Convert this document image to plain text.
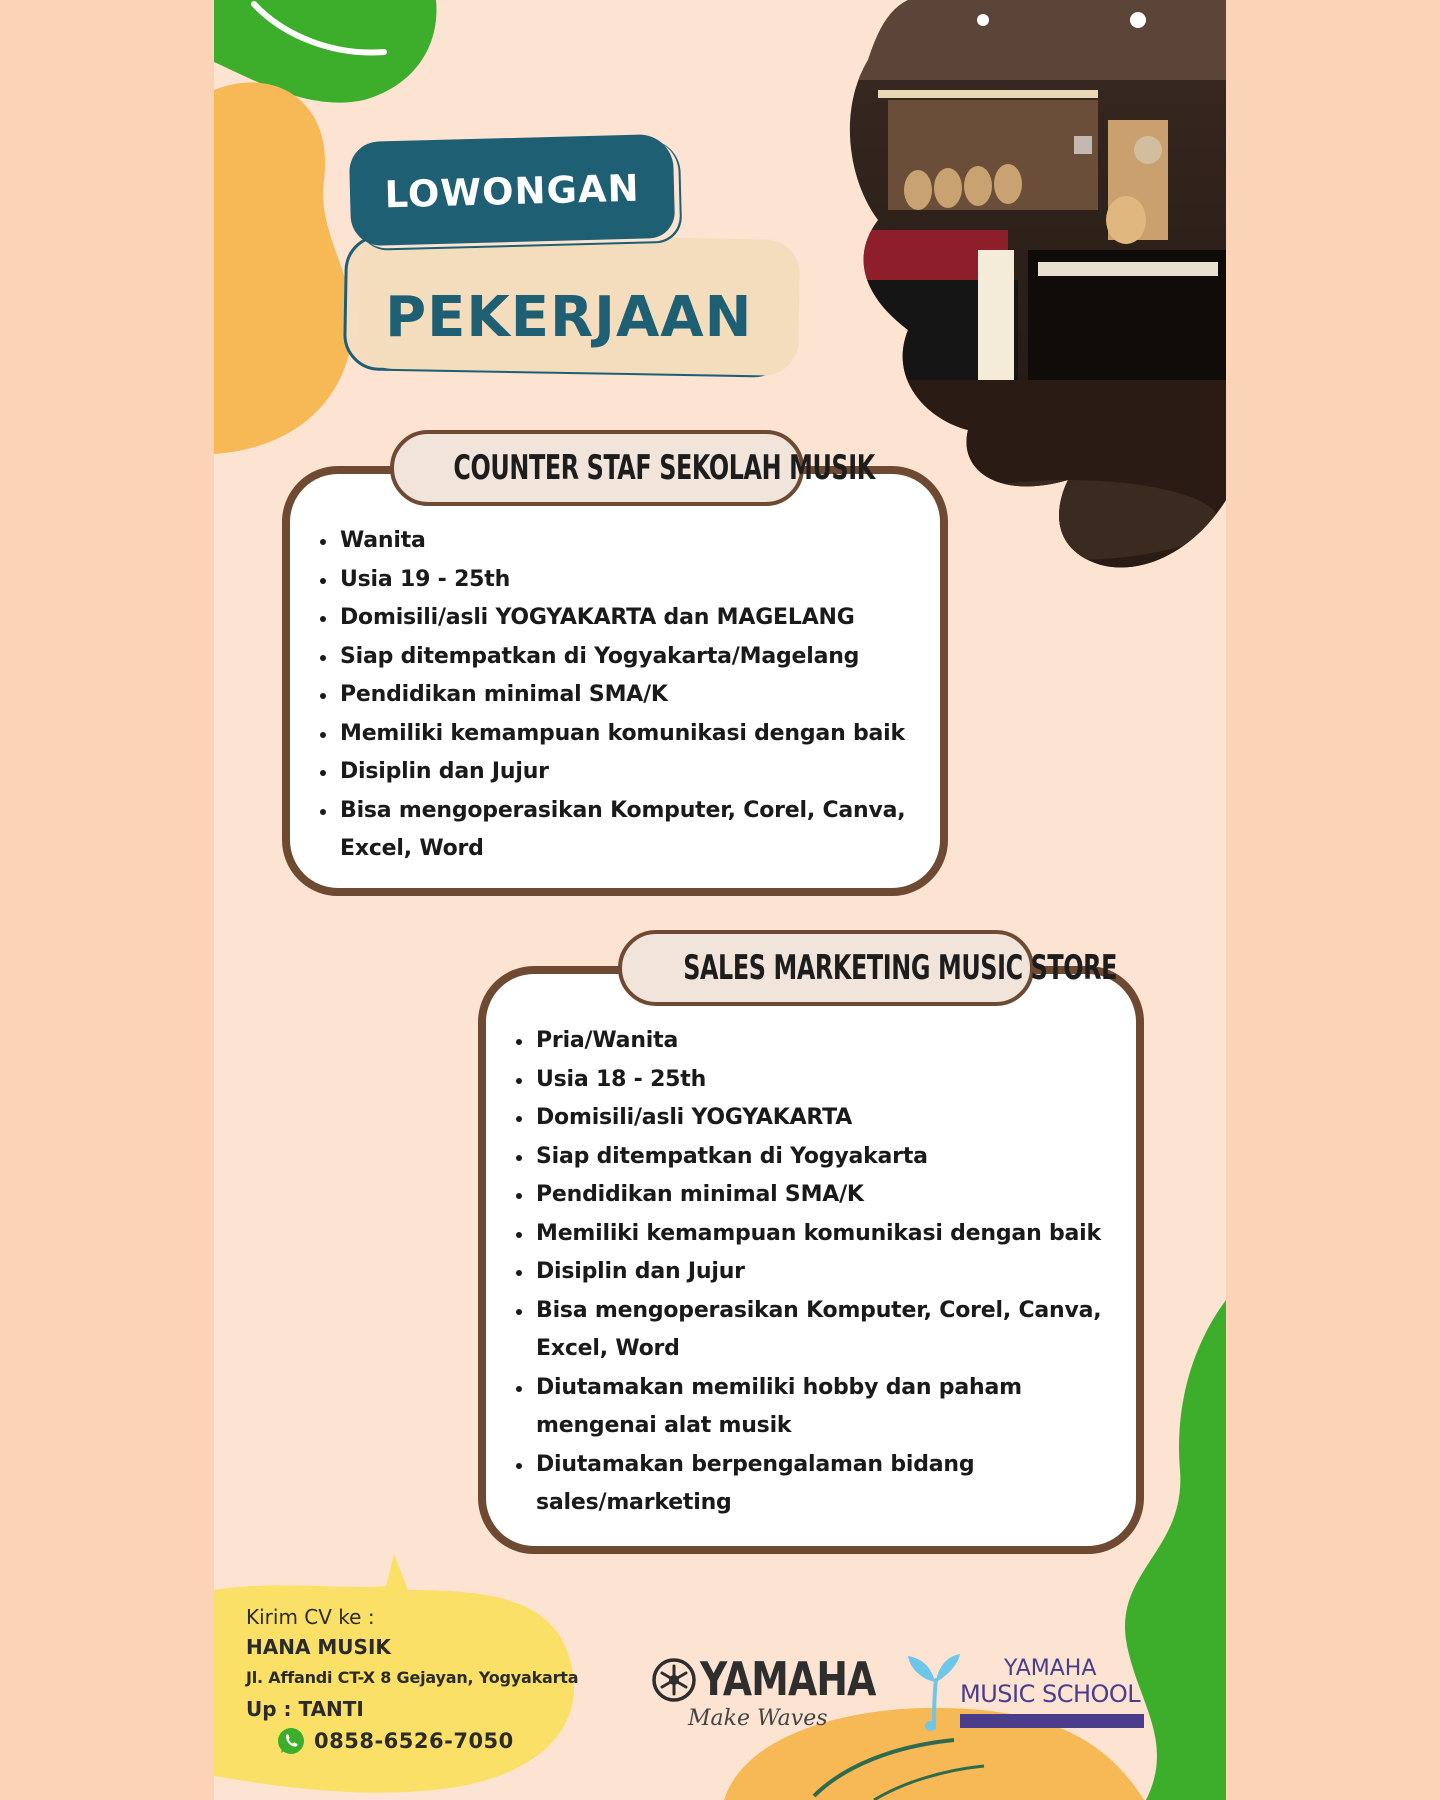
PEKERJAAN
LOWONGAN
Wanita
Usia 19 - 25th
Domisili/asli YOGYAKARTA dan MAGELANG
Siap ditempatkan di Yogyakarta/Magelang
Pendidikan minimal SMA/K
Memiliki kemampuan komunikasi dengan baik
Disiplin dan Jujur
Bisa mengoperasikan Komputer, Corel, Canva, Excel, Word
COUNTER STAF SEKOLAH MUSIK
Pria/Wanita
Usia 18 - 25th
Domisili/asli YOGYAKARTA
Siap ditempatkan di Yogyakarta
Pendidikan minimal SMA/K
Memiliki kemampuan komunikasi dengan baik
Disiplin dan Jujur
Bisa mengoperasikan Komputer, Corel, Canva, Excel, Word
Diutamakan memiliki hobby dan paham mengenai alat musik
Diutamakan berpengalaman bidang sales/marketing
SALES MARKETING MUSIC STORE
Kirim CV ke :
HANA MUSIK
Jl. Affandi CT-X 8 Gejayan, Yogyakarta
Up : TANTI
0858-6526-7050
YAMAHA
Make Waves
YAMAHA
MUSIC SCHOOL
